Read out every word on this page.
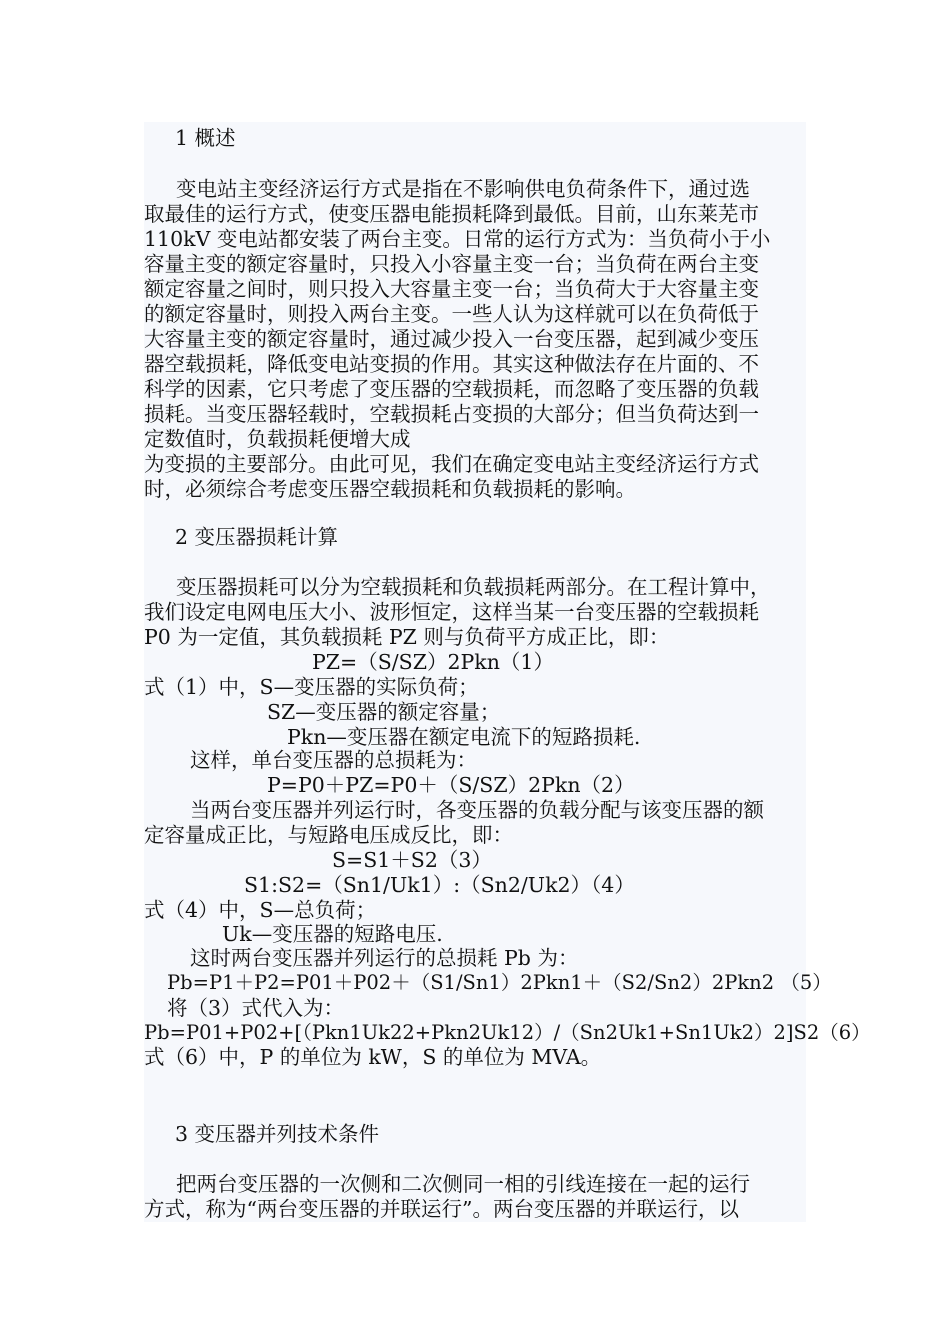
1 概述
变电站主变经济运行方式是指在不影响供电负荷条件下，通过选
取最佳的运行方式，使变压器电能损耗降到最低。目前，山东莱芜市
110kV 变电站都安装了两台主变。日常的运行方式为：当负荷小于小
容量主变的额定容量时，只投入小容量主变一台；当负荷在两台主变
额定容量之间时，则只投入大容量主变一台；当负荷大于大容量主变
的额定容量时，则投入两台主变。一些人认为这样就可以在负荷低于
大容量主变的额定容量时，通过减少投入一台变压器，起到减少变压
器空载损耗，降低变电站变损的作用。其实这种做法存在片面的、不
科学的因素，它只考虑了变压器的空载损耗，而忽略了变压器的负载
损耗。当变压器轻载时，空载损耗占变损的大部分；但当负荷达到一
定数值时，负载损耗便增大成
为变损的主要部分。由此可见，我们在确定变电站主变经济运行方式
时，必须综合考虑变压器空载损耗和负载损耗的影响。
2 变压器损耗计算
变压器损耗可以分为空载损耗和负载损耗两部分。在工程计算中，
我们设定电网电压大小、波形恒定，这样当某一台变压器的空载损耗
P0 为一定值，其负载损耗 PZ 则与负荷平方成正比，即：
PZ=（S/SZ）2Pkn（1）
式（1）中，S—变压器的实际负荷；
SZ—变压器的额定容量；
Pkn—变压器在额定电流下的短路损耗.
这样，单台变压器的总损耗为：
P=P0＋PZ=P0＋（S/SZ）2Pkn（2）
当两台变压器并列运行时，各变压器的负载分配与该变压器的额
定容量成正比，与短路电压成反比，即：
S=S1＋S2（3）
S1:S2=（Sn1/Uk1）:（Sn2/Uk2）（4）
式（4）中，S—总负荷；
Uk—变压器的短路电压.
这时两台变压器并列运行的总损耗 Pb 为：
Pb=P1＋P2=P01＋P02＋（S1/Sn1）2Pkn1＋（S2/Sn2）2Pkn2 （5）
将（3）式代入为：
Pb=P01+P02+[（Pkn1Uk22+Pkn2Uk12）/（Sn2Uk1+Sn1Uk2）2]S2（6）
式（6）中，P 的单位为 kW，S 的单位为 MVA。
3 变压器并列技术条件
把两台变压器的一次侧和二次侧同一相的引线连接在一起的运行
方式，称为“两台变压器的并联运行”。两台变压器的并联运行，以
